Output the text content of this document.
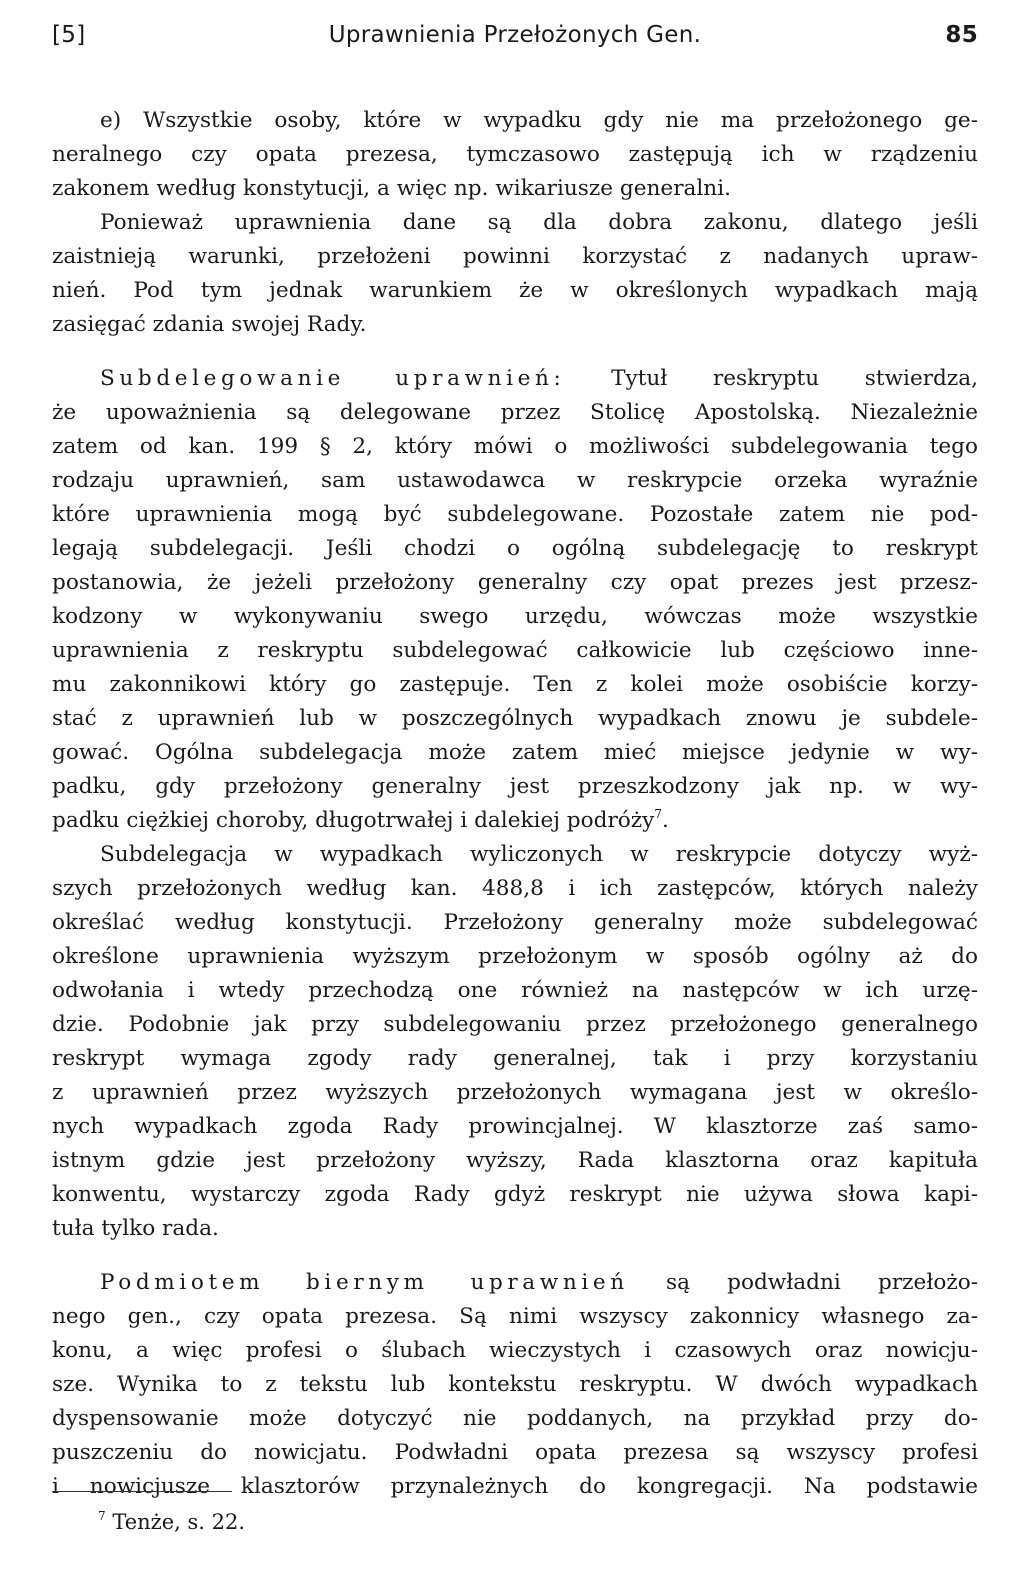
[5]	Uprawnienia Przełożonych Gen.	85
e) Wszystkie osoby, które w wypadku gdy nie ma przełożonego ge-
neralnego czy opata prezesa, tymczasowo zastępują ich w rządzeniu
zakonem według konstytucji, a więc np. wikariusze generalni.
Ponieważ uprawnienia dane są dla dobra zakonu, dlatego jeśli
zaistnieją warunki, przełożeni powinni korzystać z nadanych upraw-
nień. Pod tym jednak warunkiem że w określonych wypadkach mają
zasięgać zdania swojej Rady.
Subdelegowanie uprawnień: Tytuł reskryptu stwierdza,
że upoważnienia są delegowane przez Stolicę Apostolską. Niezależnie
zatem od kan. 199 § 2, który mówi o możliwości subdelegowania tego
rodzaju uprawnień, sam ustawodawca w reskrypcie orzeka wyraźnie
które uprawnienia mogą być subdelegowane. Pozostałe zatem nie pod-
legają subdelegacji. Jeśli chodzi o ogólną subdelegację to reskrypt
postanowia, że jeżeli przełożony generalny czy opat prezes jest przesz-
kodzony w wykonywaniu swego urzędu, wówczas może wszystkie
uprawnienia z reskryptu subdelegować całkowicie lub częściowo inne-
mu zakonnikowi który go zastępuje. Ten z kolei może osobiście korzy-
stać z uprawnień lub w poszczególnych wypadkach znowu je subdele-
gować. Ogólna subdelegacja może zatem mieć miejsce jedynie w wy-
padku, gdy przełożony generalny jest przeszkodzony jak np. w wy-
padku ciężkiej choroby, długotrwałej i dalekiej podróży$^7$.
Subdelegacja w wypadkach wyliczonych w reskrypcie dotyczy wyż-
szych przełożonych według kan. 488,8 i ich zastępców, których należy
określać według konstytucji. Przełożony generalny może subdelegować
określone uprawnienia wyższym przełożonym w sposób ogólny aż do
odwołania i wtedy przechodzą one również na następców w ich urzę-
dzie. Podobnie jak przy subdelegowaniu przez przełożonego generalnego
reskrypt wymaga zgody rady generalnej, tak i przy korzystaniu
z uprawnień przez wyższych przełożonych wymagana jest w określo-
nych wypadkach zgoda Rady prowincjalnej. W klasztorze zaś samo-
istnym gdzie jest przełożony wyższy, Rada klasztorna oraz kapituła
konwentu, wystarczy zgoda Rady gdyż reskrypt nie używa słowa kapi-
tuła tylko rada.
Podmiotem biernym uprawnień są podwładni przełożo-
nego gen., czy opata prezesa. Są nimi wszyscy zakonnicy własnego za-
konu, a więc profesi o ślubach wieczystych i czasowych oraz nowicju-
sze. Wynika to z tekstu lub kontekstu reskryptu. W dwóch wypadkach
dyspensowanie może dotyczyć nie poddanych, na przykład przy do-
puszczeniu do nowicjatu. Podwładni opata prezesa są wszyscy profesi
i nowicjusze klasztorów przynależnych do kongregacji. Na podstawie
$^7$ Tenże, s. 22.
